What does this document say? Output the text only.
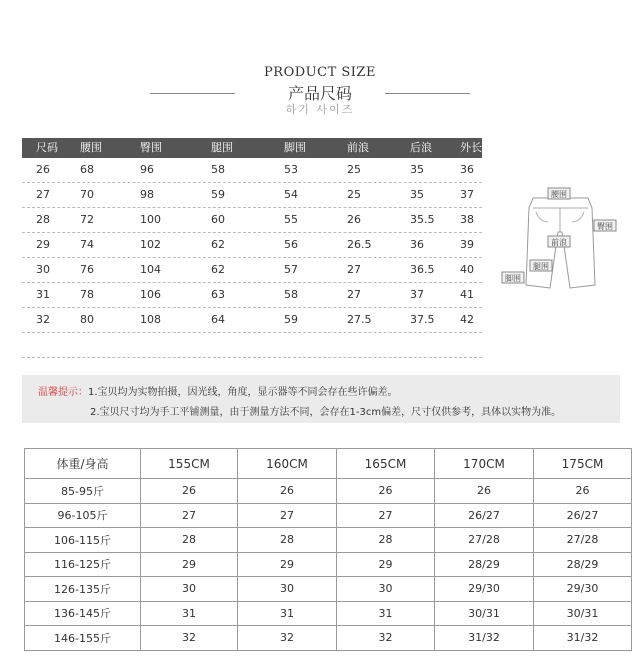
PRODUCT SIZE
产品尺码
하기 사이즈
尺码 腰围	臀围	腿围	脚围	前浪	后浪	外长
26	68	96	58	53	25	35	36
27	70	98	59	54	25	35	37
28	72	100	60	55	26	35.5 38
29	74	102	62	56	26.5	36	39
30	76	104	62	57	27	36.5 40
31	78	106	63	58	27	37	41
32	80	108	64	59	27.5	37.5 42
腰围
臀围
前浪
腿围
脚围
温馨提示：1.宝贝均为实物拍摄，因光线，角度，显示器等不同会存在些许偏差。
2.宝贝尺寸均为手工平铺测量，由于测量方法不同，会存在1-3cm偏差，尺寸仅供参考，具体以实物为准。
体重/身高	155CM	160CM	165CM	170CM	175CM
85-95斤	26	26	26	26	26
96-105斤	27	27	27	26/27	26/27
106-115斤	28	28	28	27/28	27/28
116-125斤	29	29	29	28/29	28/29
126-135斤	30	30	30	29/30	29/30
136-145斤	31	31	31	30/31	30/31
146-155斤	32	32	32	31/32	31/32
